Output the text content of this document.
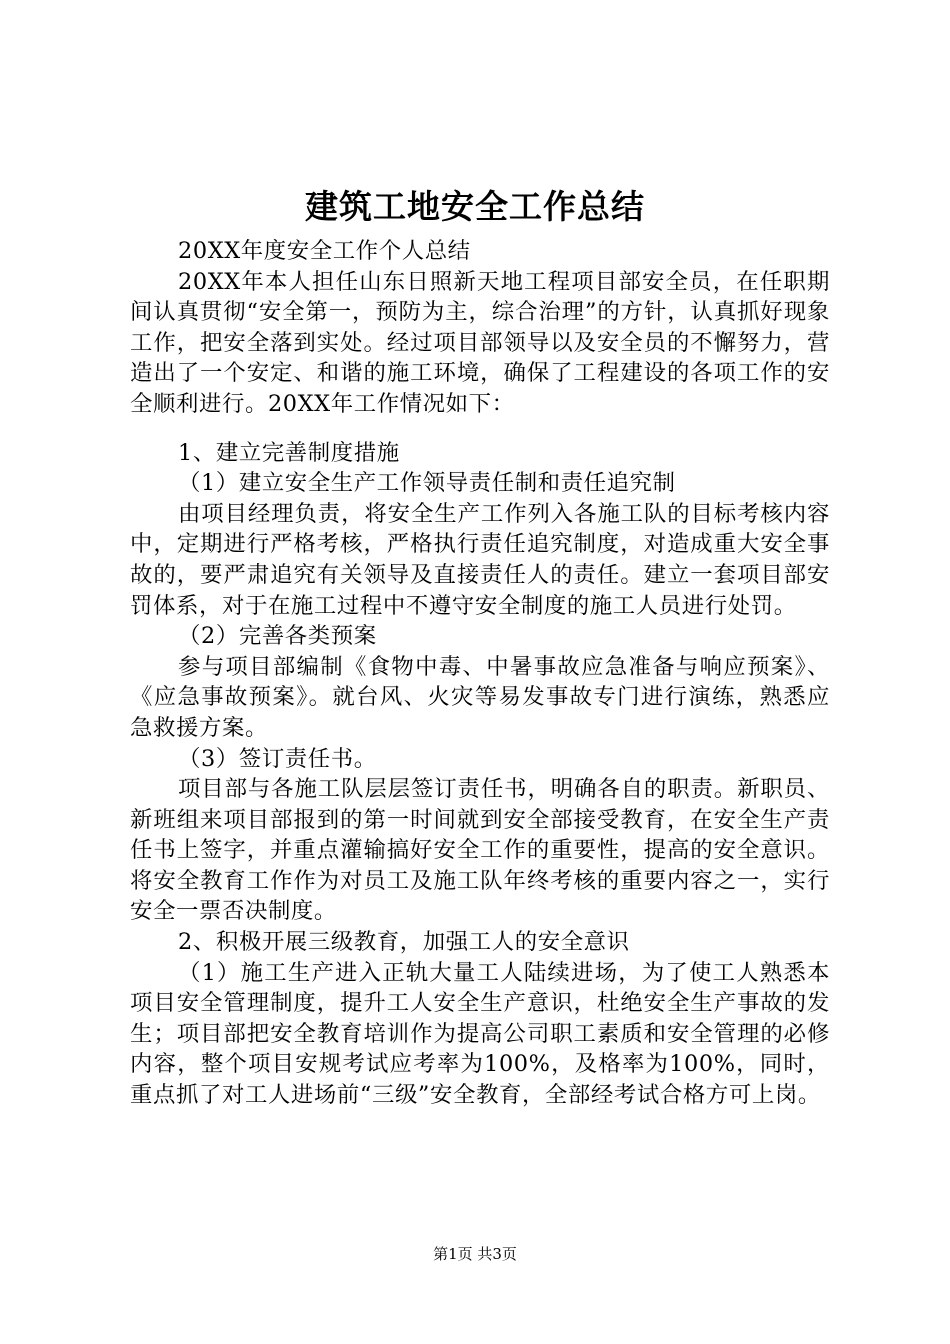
建筑工地安全工作总结

20XX年度安全工作个人总结

20XX年本人担任山东日照新天地工程项目部安全员，在任职期间认真贯彻“安全第一，预防为主，综合治理”的方针，认真抓好现象工作，把安全落到实处。经过项目部领导以及安全员的不懈努力，营造出了一个安定、和谐的施工环境，确保了工程建设的各项工作的安全顺利进行。20XX年工作情况如下：

1、建立完善制度措施

（1）建立安全生产工作领导责任制和责任追究制

由项目经理负责，将安全生产工作列入各施工队的目标考核内容中，定期进行严格考核，严格执行责任追究制度，对造成重大安全事故的，要严肃追究有关领导及直接责任人的责任。建立一套项目部安罚体系，对于在施工过程中不遵守安全制度的施工人员进行处罚。

（2）完善各类预案

参与项目部编制《食物中毒、中暑事故应急准备与响应预案》、《应急事故预案》。就台风、火灾等易发事故专门进行演练，熟悉应急救援方案。

（3）签订责任书。

项目部与各施工队层层签订责任书，明确各自的职责。新职员、新班组来项目部报到的第一时间就到安全部接受教育，在安全生产责任书上签字，并重点灌输搞好安全工作的重要性，提高的安全意识。将安全教育工作作为对员工及施工队年终考核的重要内容之一，实行安全一票否决制度。

2、积极开展三级教育，加强工人的安全意识

（1）施工生产进入正轨大量工人陆续进场，为了使工人熟悉本项目安全管理制度，提升工人安全生产意识，杜绝安全生产事故的发生；项目部把安全教育培训作为提高公司职工素质和安全管理的必修内容，整个项目安规考试应考率为100%，及格率为100%，同时，重点抓了对工人进场前“三级”安全教育，全部经考试合格方可上岗。

第1页 共3页
